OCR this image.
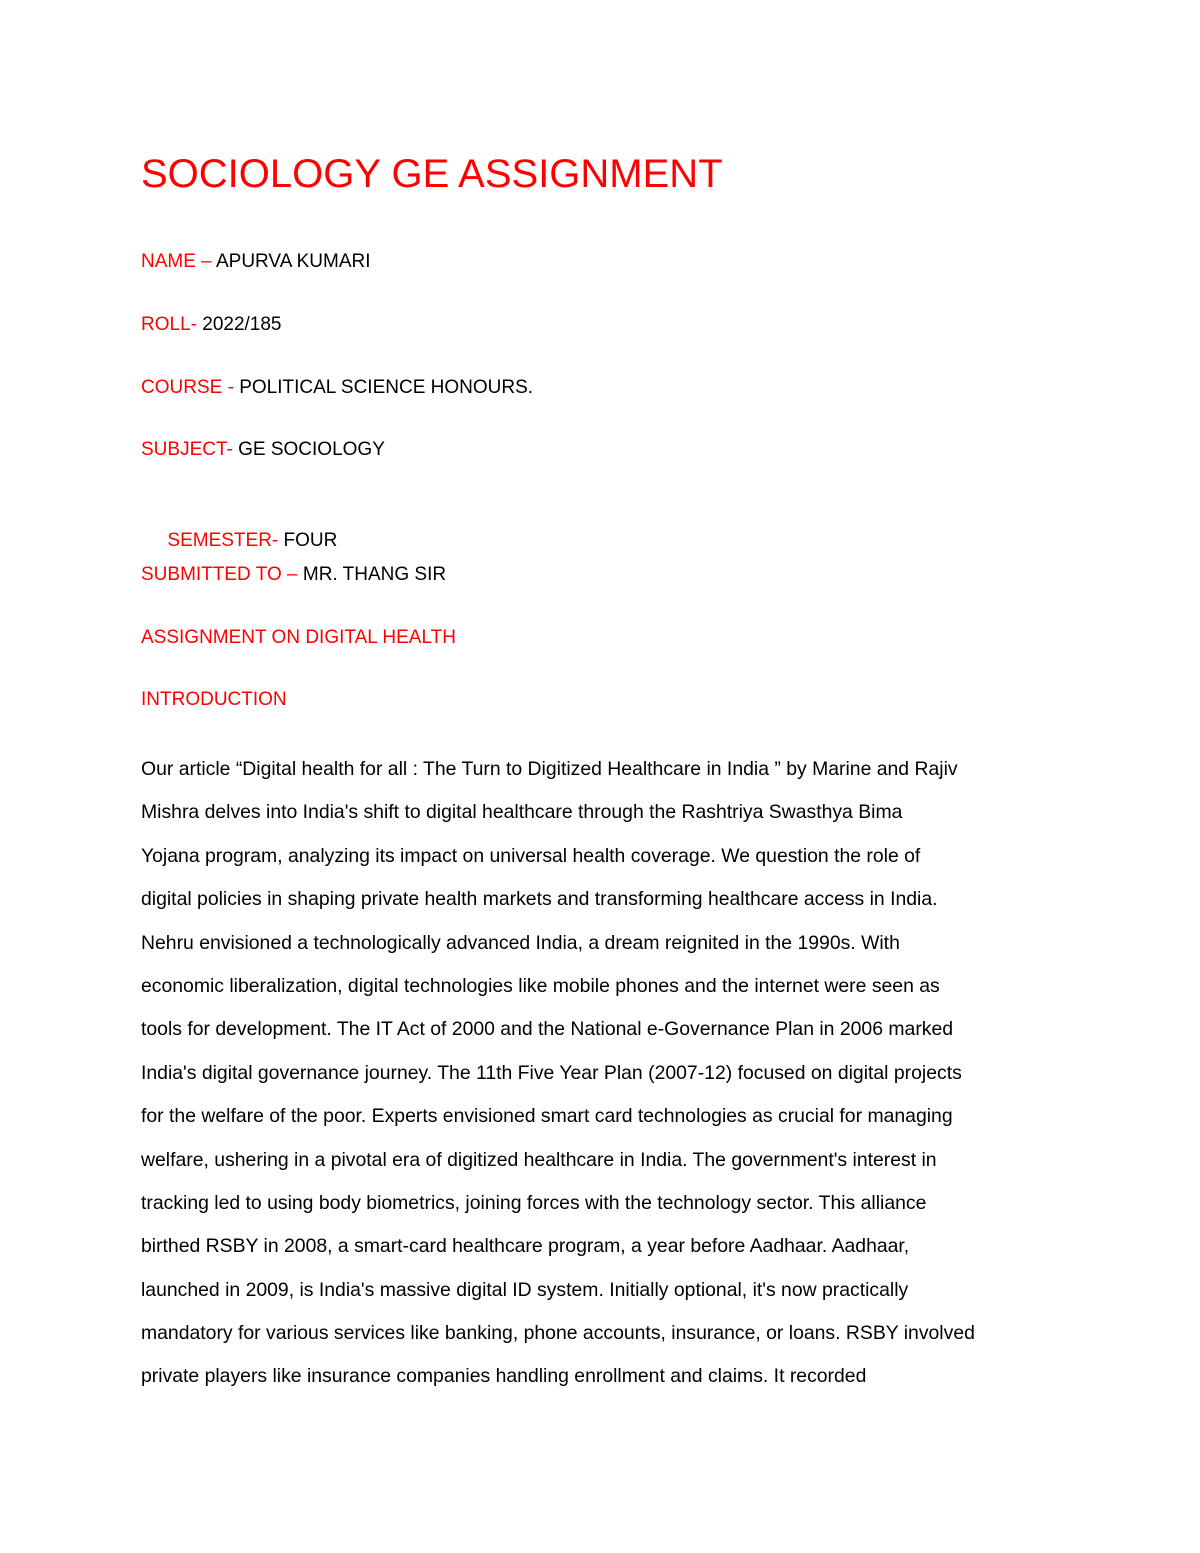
SOCIOLOGY GE ASSIGNMENT

NAME – APURVA KUMARI

ROLL- 2022/185

COURSE - POLITICAL SCIENCE HONOURS.

SUBJECT- GE SOCIOLOGY

SEMESTER- FOUR

SUBMITTED TO – MR. THANG SIR

ASSIGNMENT ON DIGITAL HEALTH

INTRODUCTION

Our article “Digital health for all : The Turn to Digitized Healthcare in India ” by Marine and Rajiv
Mishra delves into India's shift to digital healthcare through the Rashtriya Swasthya Bima
Yojana program, analyzing its impact on universal health coverage. We question the role of
digital policies in shaping private health markets and transforming healthcare access in India.
Nehru envisioned a technologically advanced India, a dream reignited in the 1990s. With
economic liberalization, digital technologies like mobile phones and the internet were seen as
tools for development. The IT Act of 2000 and the National e-Governance Plan in 2006 marked
India's digital governance journey. The 11th Five Year Plan (2007-12) focused on digital projects
for the welfare of the poor. Experts envisioned smart card technologies as crucial for managing
welfare, ushering in a pivotal era of digitized healthcare in India. The government's interest in
tracking led to using body biometrics, joining forces with the technology sector. This alliance
birthed RSBY in 2008, a smart-card healthcare program, a year before Aadhaar. Aadhaar,
launched in 2009, is India's massive digital ID system. Initially optional, it's now practically
mandatory for various services like banking, phone accounts, insurance, or loans. RSBY involved
private players like insurance companies handling enrollment and claims. It recorded
